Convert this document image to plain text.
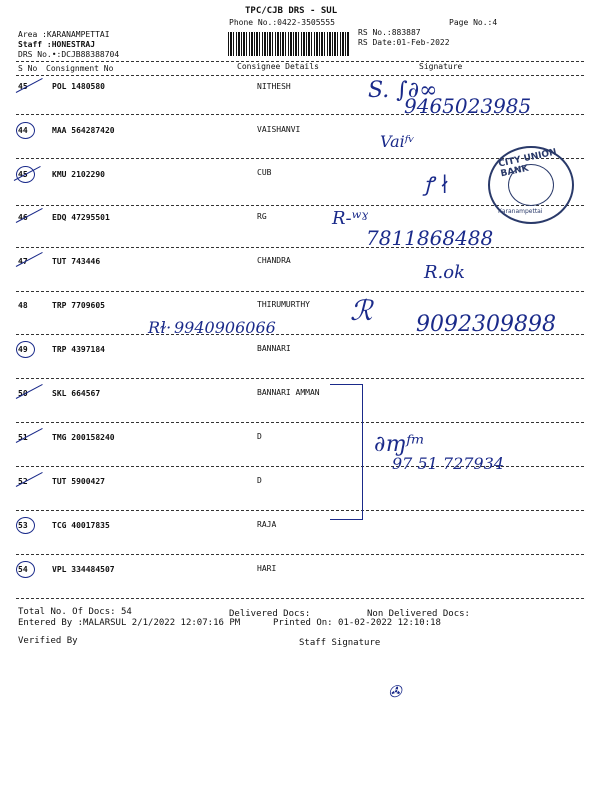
TPC/CJB DRS - SUL
Phone No.:0422-3505555	Page No.:4
Area :KARANAMPETTAI
Staff :HONESTRAJ
DRS No.•:DCJB88388704
RS No.:883887
RS Date:01-Feb-2022
S No Consignment No	Consignee Details	Signature
45	POL 1480580	NITHESH
44	MAA 564287420	VAISHANVI
45	KMU 2102290	CUB
46	EDQ 47295501	RG
47	TUT 743446	CHANDRA
48	TRP 7709605	THIRUMURTHY
49	TRP 4397184	BANNARI
50	SKL 664567	BANNARI AMMAN
51	TMG 200158240	D
52	TUT 5900427	D
53	TCG 40017835	RAJA
54	VPL 334484507	HARI
S. ∫∂∞
9465023985
Vaiᶠᵛ
ꝭ ∤
R-ʷˠ
7811868488
R.ok
Rɫ· 9940906066
ℛ 9092309898
∂ɱᶠᵐ
97 51 727934
CITY UNION BANK
Karanampettai
Total No. Of Docs: 54	Delivered Docs:	Non Delivered Docs:
Entered By :MALARSUL 2/1/2022 12:07:16 PM	Printed On: 01-02-2022 12:10:18
Verified By	Staff Signature
✇
